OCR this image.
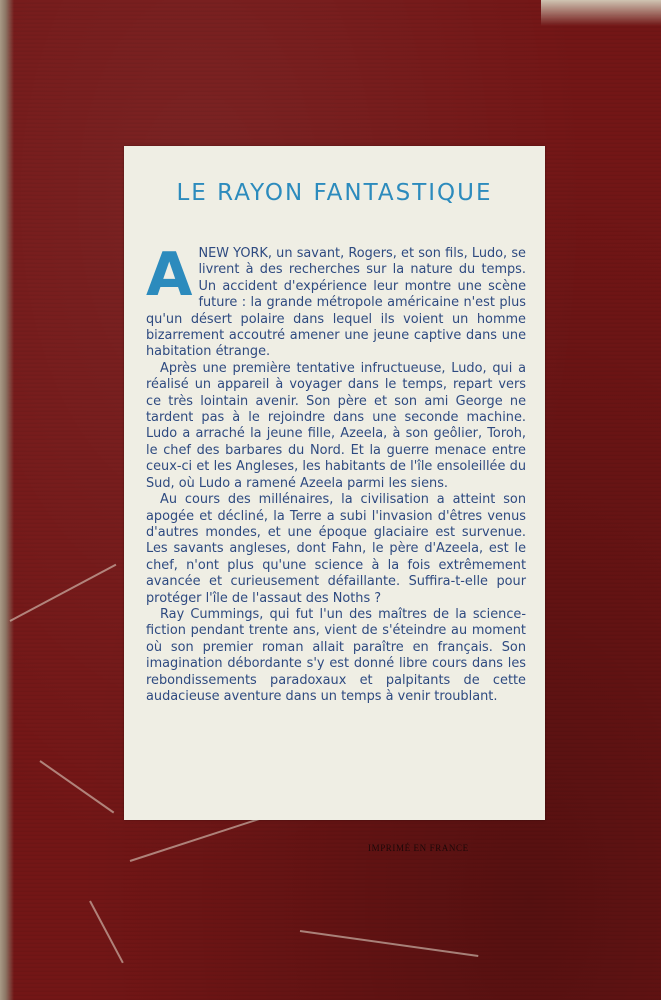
LE RAYON FANTASTIQUE

ANEW YORK, un savant, Rogers, et son fils, Ludo, se livrent à des recherches sur la nature du temps. Un accident d'expérience leur montre une scène future : la grande métropole américaine n'est plus qu'un désert polaire dans lequel ils voient un homme bizarrement accoutré amener une jeune captive dans une habitation étrange.

Après une première tentative infructueuse, Ludo, qui a réalisé un appareil à voyager dans le temps, repart vers ce très lointain avenir. Son père et son ami George ne tardent pas à le rejoindre dans une seconde machine. Ludo a arraché la jeune fille, Azeela, à son geôlier, Toroh, le chef des barbares du Nord. Et la guerre menace entre ceux-ci et les Angleses, les habitants de l'île ensoleillée du Sud, où Ludo a ramené Azeela parmi les siens.

Au cours des millénaires, la civilisation a atteint son apogée et décliné, la Terre a subi l'invasion d'êtres venus d'autres mondes, et une époque glaciaire est survenue. Les savants angleses, dont Fahn, le père d'Azeela, est le chef, n'ont plus qu'une science à la fois extrêmement avancée et curieusement défaillante. Suffira-t-elle pour protéger l'île de l'assaut des Noths ?

Ray Cummings, qui fut l'un des maîtres de la science-fiction pendant trente ans, vient de s'éteindre au moment où son premier roman allait paraître en français. Son imagination débordante s'y est donné libre cours dans les rebondissements paradoxaux et palpitants de cette audacieuse aventure dans un temps à venir troublant.

IMPRIMÉ EN FRANCE
